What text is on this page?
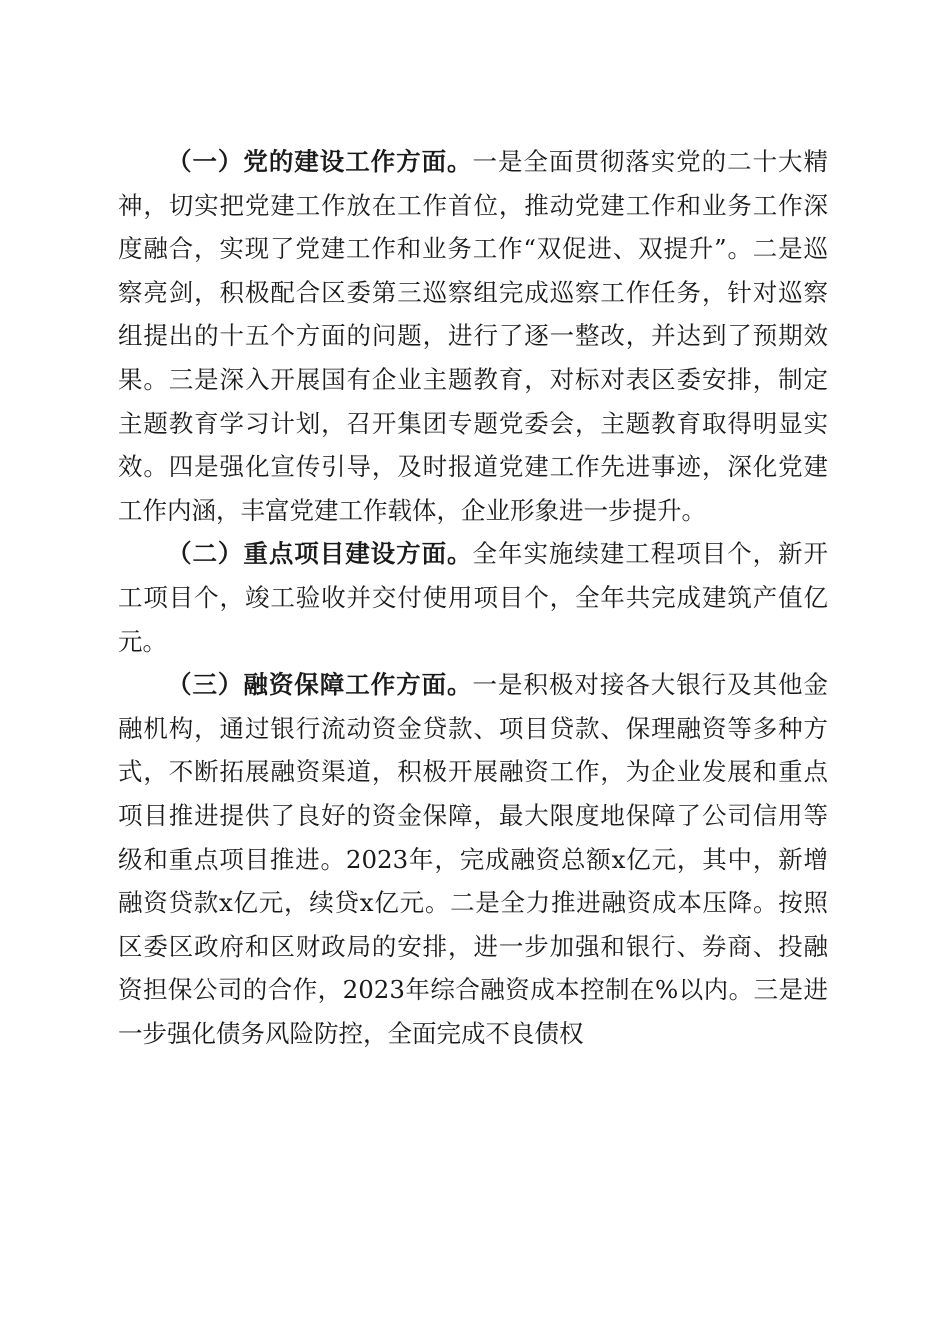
（一）党的建设工作方面。一是全面贯彻落实党的二十大精神，切实把党建工作放在工作首位，推动党建工作和业务工作深度融合，实现了党建工作和业务工作“双促进、双提升”。二是巡察亮剑，积极配合区委第三巡察组完成巡察工作任务，针对巡察组提出的十五个方面的问题，进行了逐一整改，并达到了预期效果。三是深入开展国有企业主题教育，对标对表区委安排，制定主题教育学习计划，召开集团专题党委会，主题教育取得明显实效。四是强化宣传引导，及时报道党建工作先进事迹，深化党建工作内涵，丰富党建工作载体，企业形象进一步提升。

（二）重点项目建设方面。全年实施续建工程项目个，新开工项目个，竣工验收并交付使用项目个，全年共完成建筑产值亿元。

（三）融资保障工作方面。一是积极对接各大银行及其他金融机构，通过银行流动资金贷款、项目贷款、保理融资等多种方式，不断拓展融资渠道，积极开展融资工作，为企业发展和重点项目推进提供了良好的资金保障，最大限度地保障了公司信用等级和重点项目推进。2023年，完成融资总额x亿元，其中，新增融资贷款x亿元，续贷x亿元。二是全力推进融资成本压降。按照区委区政府和区财政局的安排，进一步加强和银行、券商、投融资担保公司的合作，2023年综合融资成本控制在%以内。三是进一步强化债务风险防控，全面完成不良债权
